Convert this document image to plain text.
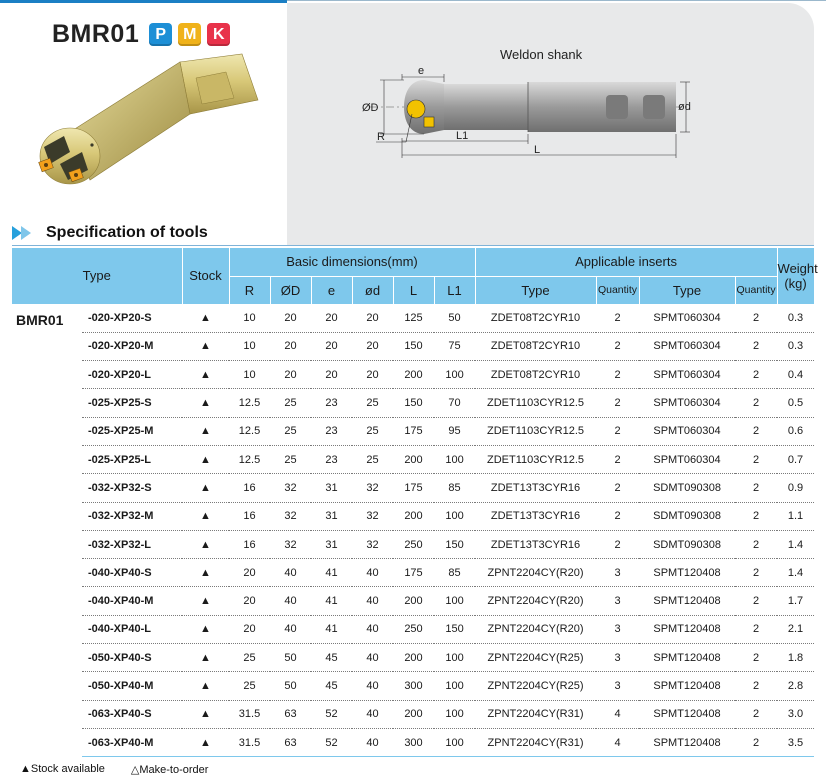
BMR01	P	M	K
Weldon shank
e
ØD	ød
R	L1
L
Specification of tools
Type		Stock	Basic dimensions(mm)						Applicable inserts				Weight
(kg)

			R	ØD	e	ød	L	L1	Type	Quantity	Type	Quantity	
BMR01	-020-XP20-S	▲	10	20	20	20	125	50	ZDET08T2CYR10	2	SPMT060304	2	0.3
	-020-XP20-M	▲	10	20	20	20	150	75	ZDET08T2CYR10	2	SPMT060304	2	0.3
	-020-XP20-L	▲	10	20	20	20	200	100	ZDET08T2CYR10	2	SPMT060304	2	0.4
	-025-XP25-S	▲	12.5	25	23	25	150	70	ZDET1103CYR12.5	2	SPMT060304	2	0.5
	-025-XP25-M	▲	12.5	25	23	25	175	95	ZDET1103CYR12.5	2	SPMT060304	2	0.6
	-025-XP25-L	▲	12.5	25	23	25	200	100	ZDET1103CYR12.5	2	SPMT060304	2	0.7
	-032-XP32-S	▲	16	32	31	32	175	85	ZDET13T3CYR16	2	SDMT090308	2	0.9
	-032-XP32-M	▲	16	32	31	32	200	100	ZDET13T3CYR16	2	SDMT090308	2	1.1
	-032-XP32-L	▲	16	32	31	32	250	150	ZDET13T3CYR16	2	SDMT090308	2	1.4
	-040-XP40-S	▲	20	40	41	40	175	85	ZPNT2204CY(R20)	3	SPMT120408	2	1.4
	-040-XP40-M	▲	20	40	41	40	200	100	ZPNT2204CY(R20)	3	SPMT120408	2	1.7
	-040-XP40-L	▲	20	40	41	40	250	150	ZPNT2204CY(R20)	3	SPMT120408	2	2.1
	-050-XP40-S	▲	25	50	45	40	200	100	ZPNT2204CY(R25)	3	SPMT120408	2	1.8
	-050-XP40-M	▲	25	50	45	40	300	100	ZPNT2204CY(R25)	3	SPMT120408	2	2.8
	-063-XP40-S	▲	31.5	63	52	40	200	100	ZPNT2204CY(R31)	4	SPMT120408	2	3.0
	-063-XP40-M	▲	31.5	63	52	40	300	100	ZPNT2204CY(R31)	4	SPMT120408	2	3.5
▲Stock available △Make-to-order
